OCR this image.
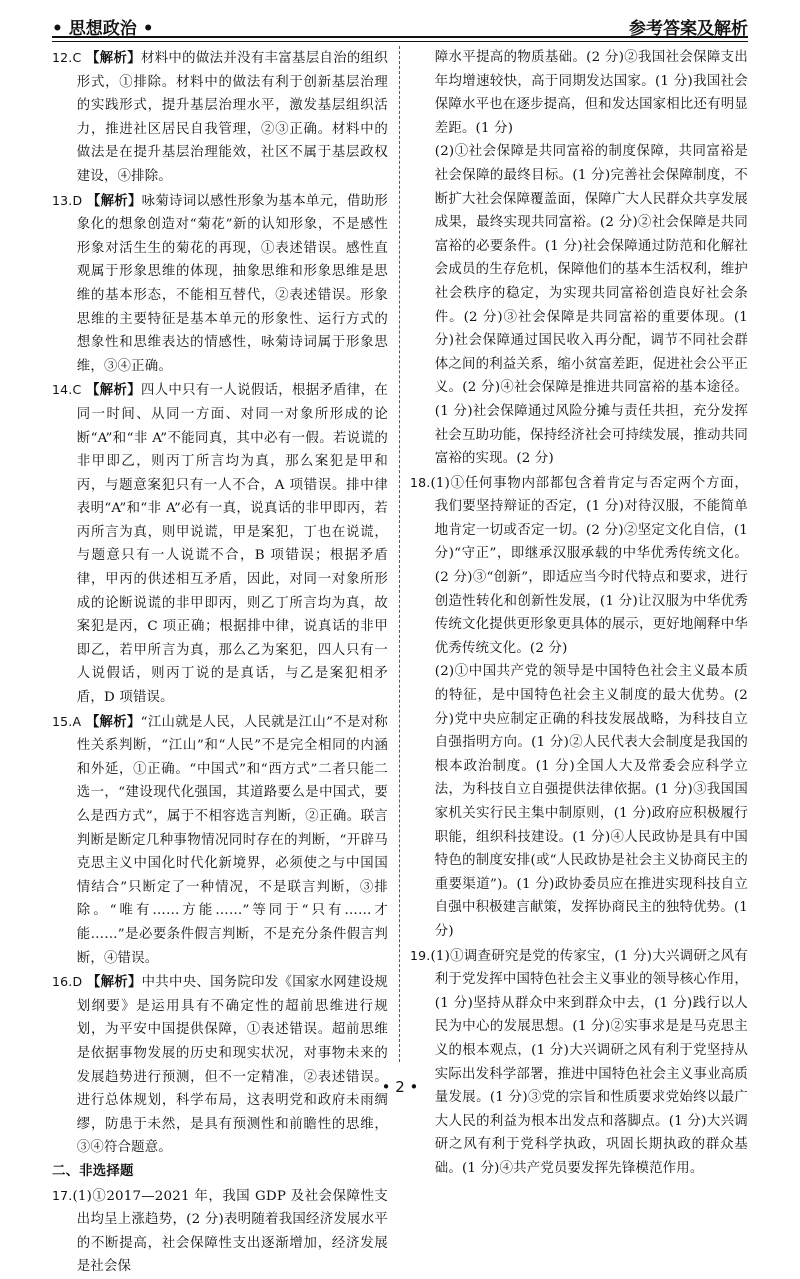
• 思想政治 •	参考答案及解析
12.C 【解析】材料中的做法并没有丰富基层自治的组织形式，①排除。材料中的做法有利于创新基层治理的实践形式，提升基层治理水平，激发基层组织活力，推进社区居民自我管理，②③正确。材料中的做法是在提升基层治理能效，社区不属于基层政权建设，④排除。
13.D 【解析】咏菊诗词以感性形象为基本单元，借助形象化的想象创造对“菊花”新的认知形象，不是感性形象对活生生的菊花的再现，①表述错误。感性直观属于形象思维的体现，抽象思维和形象思维是思维的基本形态，不能相互替代，②表述错误。形象思维的主要特征是基本单元的形象性、运行方式的想象性和思维表达的情感性，咏菊诗词属于形象思维，③④正确。
14.C 【解析】四人中只有一人说假话，根据矛盾律，在同一时间、从同一方面、对同一对象所形成的论断“A”和“非 A”不能同真，其中必有一假。若说谎的非甲即乙，则丙丁所言均为真，那么案犯是甲和丙，与题意案犯只有一人不合，A 项错误。排中律表明“A”和“非 A”必有一真，说真话的非甲即丙，若丙所言为真，则甲说谎，甲是案犯，丁也在说谎，与题意只有一人说谎不合，B 项错误；根据矛盾律，甲丙的供述相互矛盾，因此，对同一对象所形成的论断说谎的非甲即丙，则乙丁所言均为真，故案犯是丙，C 项正确；根据排中律，说真话的非甲即乙，若甲所言为真，那么乙为案犯，四人只有一人说假话，则丙丁说的是真话，与乙是案犯相矛盾，D 项错误。
15.A 【解析】“江山就是人民，人民就是江山”不是对称性关系判断，“江山”和“人民”不是完全相同的内涵和外延，①正确。“中国式”和“西方式”二者只能二选一，“建设现代化强国，其道路要么是中国式，要么是西方式”，属于不相容选言判断，②正确。联言判断是断定几种事物情况同时存在的判断，“开辟马克思主义中国化时代化新境界，必须使之与中国国情结合”只断定了一种情况，不是联言判断，③排除。“唯有……方能……”等同于“只有……才能……”是必要条件假言判断，不是充分条件假言判断，④错误。
16.D 【解析】中共中央、国务院印发《国家水网建设规划纲要》是运用具有不确定性的超前思维进行规划，为平安中国提供保障，①表述错误。超前思维是依据事物发展的历史和现实状况，对事物未来的发展趋势进行预测，但不一定精准，②表述错误。进行总体规划，科学布局，这表明党和政府未雨绸缪，防患于未然，是具有预测性和前瞻性的思维，③④符合题意。
二、非选择题
17.(1)①2017—2021 年，我国 GDP 及社会保障性支出均呈上涨趋势，(2 分)表明随着我国经济发展水平的不断提高，社会保障性支出逐渐增加，经济发展是社会保
障水平提高的物质基础。(2 分)②我国社会保障支出年均增速较快，高于同期发达国家。(1 分)我国社会保障水平也在逐步提高，但和发达国家相比还有明显差距。(1 分)
(2)①社会保障是共同富裕的制度保障，共同富裕是社会保障的最终目标。(1 分)完善社会保障制度，不断扩大社会保障覆盖面，保障广大人民群众共享发展成果，最终实现共同富裕。(2 分)②社会保障是共同富裕的必要条件。(1 分)社会保障通过防范和化解社会成员的生存危机，保障他们的基本生活权利，维护社会秩序的稳定，为实现共同富裕创造良好社会条件。(2 分)③社会保障是共同富裕的重要体现。(1 分)社会保障通过国民收入再分配，调节不同社会群体之间的利益关系，缩小贫富差距，促进社会公平正义。(2 分)④社会保障是推进共同富裕的基本途径。(1 分)社会保障通过风险分摊与责任共担，充分发挥社会互助功能，保持经济社会可持续发展，推动共同富裕的实现。(2 分)
18.(1)①任何事物内部都包含着肯定与否定两个方面，我们要坚持辩证的否定，(1 分)对待汉服，不能简单地肯定一切或否定一切。(2 分)②坚定文化自信，(1 分)“守正”，即继承汉服承载的中华优秀传统文化。(2 分)③“创新”，即适应当今时代特点和要求，进行创造性转化和创新性发展，(1 分)让汉服为中华优秀传统文化提供更形象更具体的展示，更好地阐释中华优秀传统文化。(2 分)
(2)①中国共产党的领导是中国特色社会主义最本质的特征，是中国特色社会主义制度的最大优势。(2 分)党中央应制定正确的科技发展战略，为科技自立自强指明方向。(1 分)②人民代表大会制度是我国的根本政治制度。(1 分)全国人大及常委会应科学立法，为科技自立自强提供法律依据。(1 分)③我国国家机关实行民主集中制原则，(1 分)政府应积极履行职能，组织科技建设。(1 分)④人民政协是具有中国特色的制度安排(或“人民政协是社会主义协商民主的重要渠道”)。(1 分)政协委员应在推进实现科技自立自强中积极建言献策，发挥协商民主的独特优势。(1 分)
19.(1)①调查研究是党的传家宝，(1 分)大兴调研之风有利于党发挥中国特色社会主义事业的领导核心作用，(1 分)坚持从群众中来到群众中去，(1 分)践行以人民为中心的发展思想。(1 分)②实事求是是马克思主义的根本观点，(1 分)大兴调研之风有利于党坚持从实际出发科学部署，推进中国特色社会主义事业高质量发展。(1 分)③党的宗旨和性质要求党始终以最广大人民的利益为根本出发点和落脚点。(1 分)大兴调研之风有利于党科学执政，巩固长期执政的群众基础。(1 分)④共产党员要发挥先锋模范作用。
• 2 •
